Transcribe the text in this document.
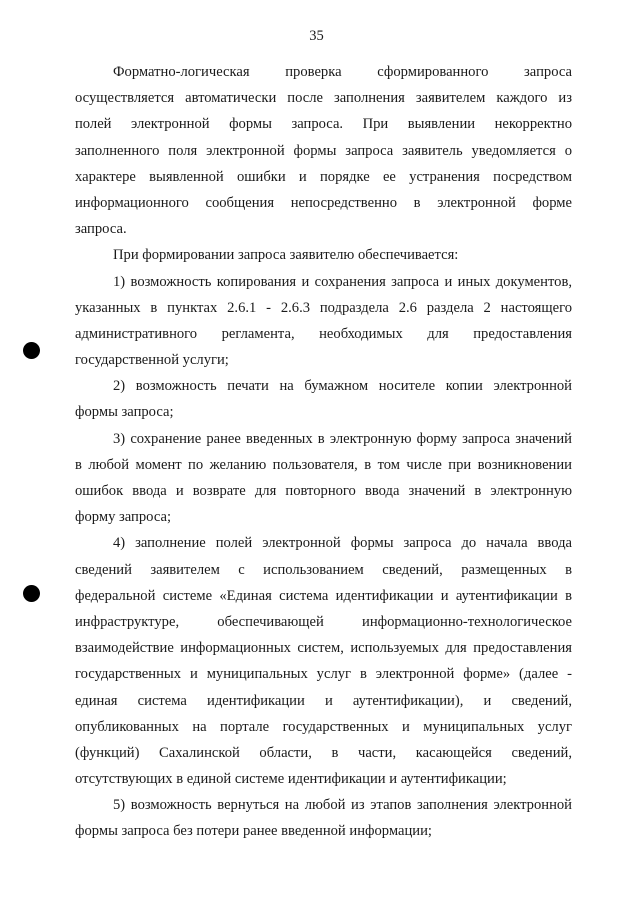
35

Форматно-логическая проверка сформированного запроса
осуществляется автоматически после заполнения заявителем каждого из
полей электронной формы запроса. При выявлении некорректно
заполненного поля электронной формы запроса заявитель уведомляется о
характере выявленной ошибки и порядке ее устранения посредством
информационного сообщения непосредственно в электронной форме
запроса.

При формировании запроса заявителю обеспечивается:

1) возможность копирования и сохранения запроса и иных документов,
указанных в пунктах 2.6.1 - 2.6.3 подраздела 2.6 раздела 2 настоящего
административного регламента, необходимых для предоставления
государственной услуги;

2) возможность печати на бумажном носителе копии электронной
формы запроса;

3) сохранение ранее введенных в электронную форму запроса значений
в любой момент по желанию пользователя, в том числе при возникновении
ошибок ввода и возврате для повторного ввода значений в электронную
форму запроса;

4) заполнение полей электронной формы запроса до начала ввода
сведений заявителем с использованием сведений, размещенных в
федеральной системе «Единая система идентификации и аутентификации в
инфраструктуре, обеспечивающей информационно-технологическое
взаимодействие информационных систем, используемых для предоставления
государственных и муниципальных услуг в электронной форме» (далее -
единая система идентификации и аутентификации), и сведений,
опубликованных на портале государственных и муниципальных услуг
(функций) Сахалинской области, в части, касающейся сведений,
отсутствующих в единой системе идентификации и аутентификации;

5) возможность вернуться на любой из этапов заполнения электронной
формы запроса без потери ранее введенной информации;
